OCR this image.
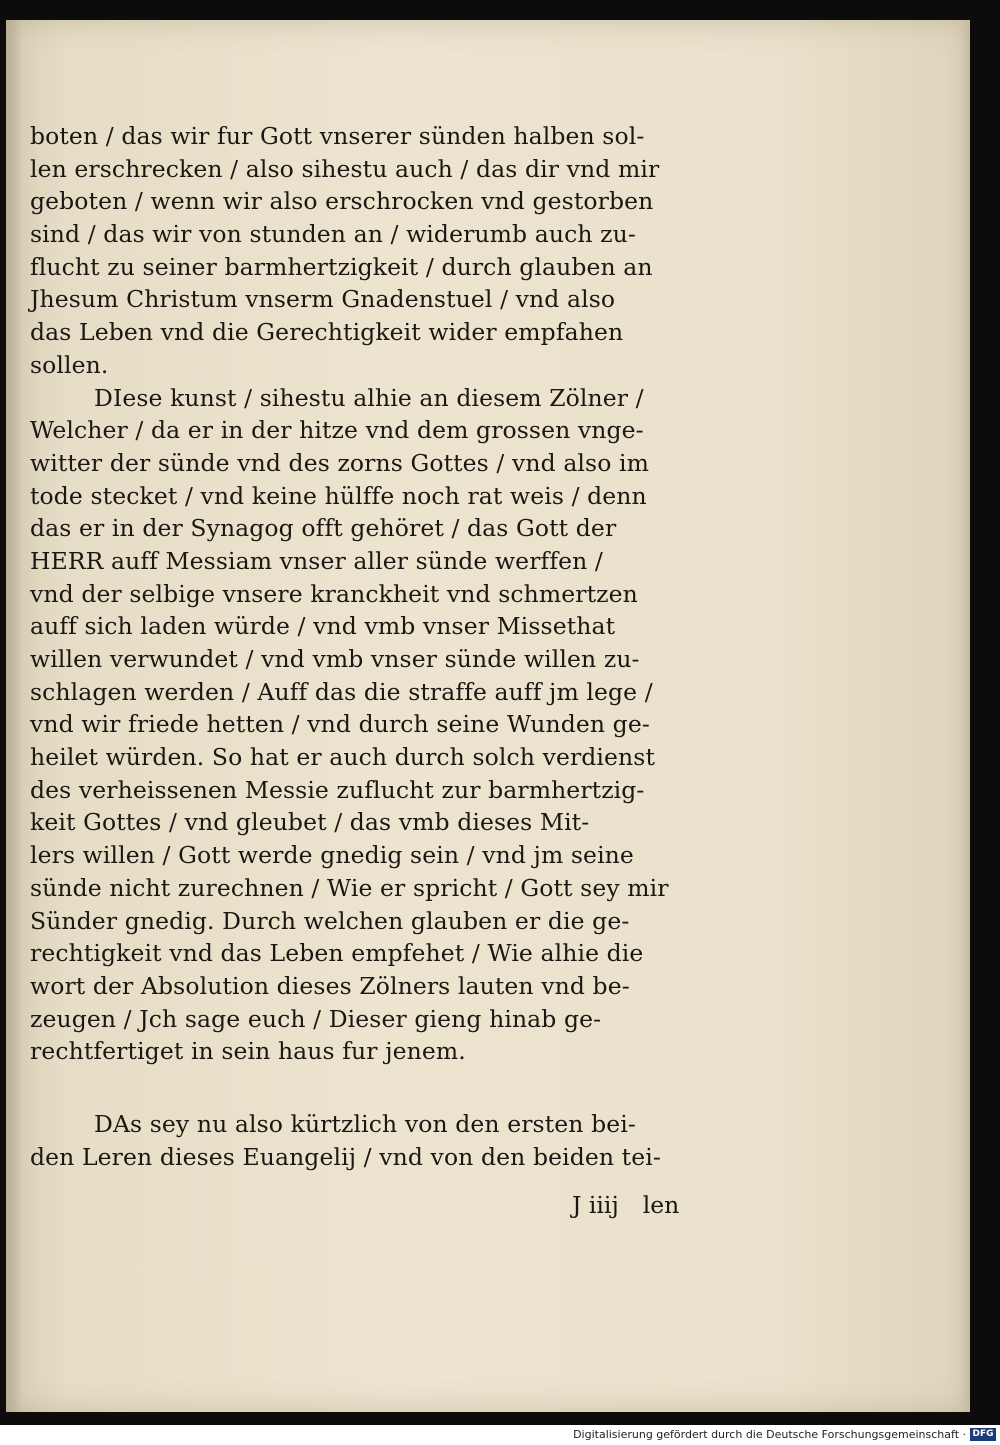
boten / das wir fur Gott vnserer sünden halben sol-
len erschrecken / also sihestu auch / das dir vnd mir
geboten / wenn wir also erschrocken vnd gestorben
sind / das wir von stunden an / widerumb auch zu-
flucht zu seiner barmhertzigkeit / durch glauben an
Jhesum Christum vnserm Gnadenstuel / vnd also
das Leben vnd die Gerechtigkeit wider empfahen
sollen.
DIese kunst / sihestu alhie an diesem Zölner /
Welcher / da er in der hitze vnd dem grossen vnge-
witter der sünde vnd des zorns Gottes / vnd also im
tode stecket / vnd keine hülffe noch rat weis / denn
das er in der Synagog offt gehöret / das Gott der
HERR auff Messiam vnser aller sünde werffen /
vnd der selbige vnsere kranckheit vnd schmertzen
auff sich laden würde / vnd vmb vnser Missethat
willen verwundet / vnd vmb vnser sünde willen zu-
schlagen werden / Auff das die straffe auff jm lege /
vnd wir friede hetten / vnd durch seine Wunden ge-
heilet würden. So hat er auch durch solch verdienst
des verheissenen Messie zuflucht zur barmhertzig-
keit Gottes / vnd gleubet / das vmb dieses Mit-
lers willen / Gott werde gnedig sein / vnd jm seine
sünde nicht zurechnen / Wie er spricht / Gott sey mir
Sünder gnedig. Durch welchen glauben er die ge-
rechtigkeit vnd das Leben empfehet / Wie alhie die
wort der Absolution dieses Zölners lauten vnd be-
zeugen / Jch sage euch / Dieser gieng hinab ge-
rechtfertiget in sein haus fur jenem.
DAs sey nu also kürtzlich von den ersten bei-
den Leren dieses Euangelij / vnd von den beiden tei-
J iiij len
Digitalisierung gefördert durch die Deutsche Forschungsgemeinschaft · DFG
